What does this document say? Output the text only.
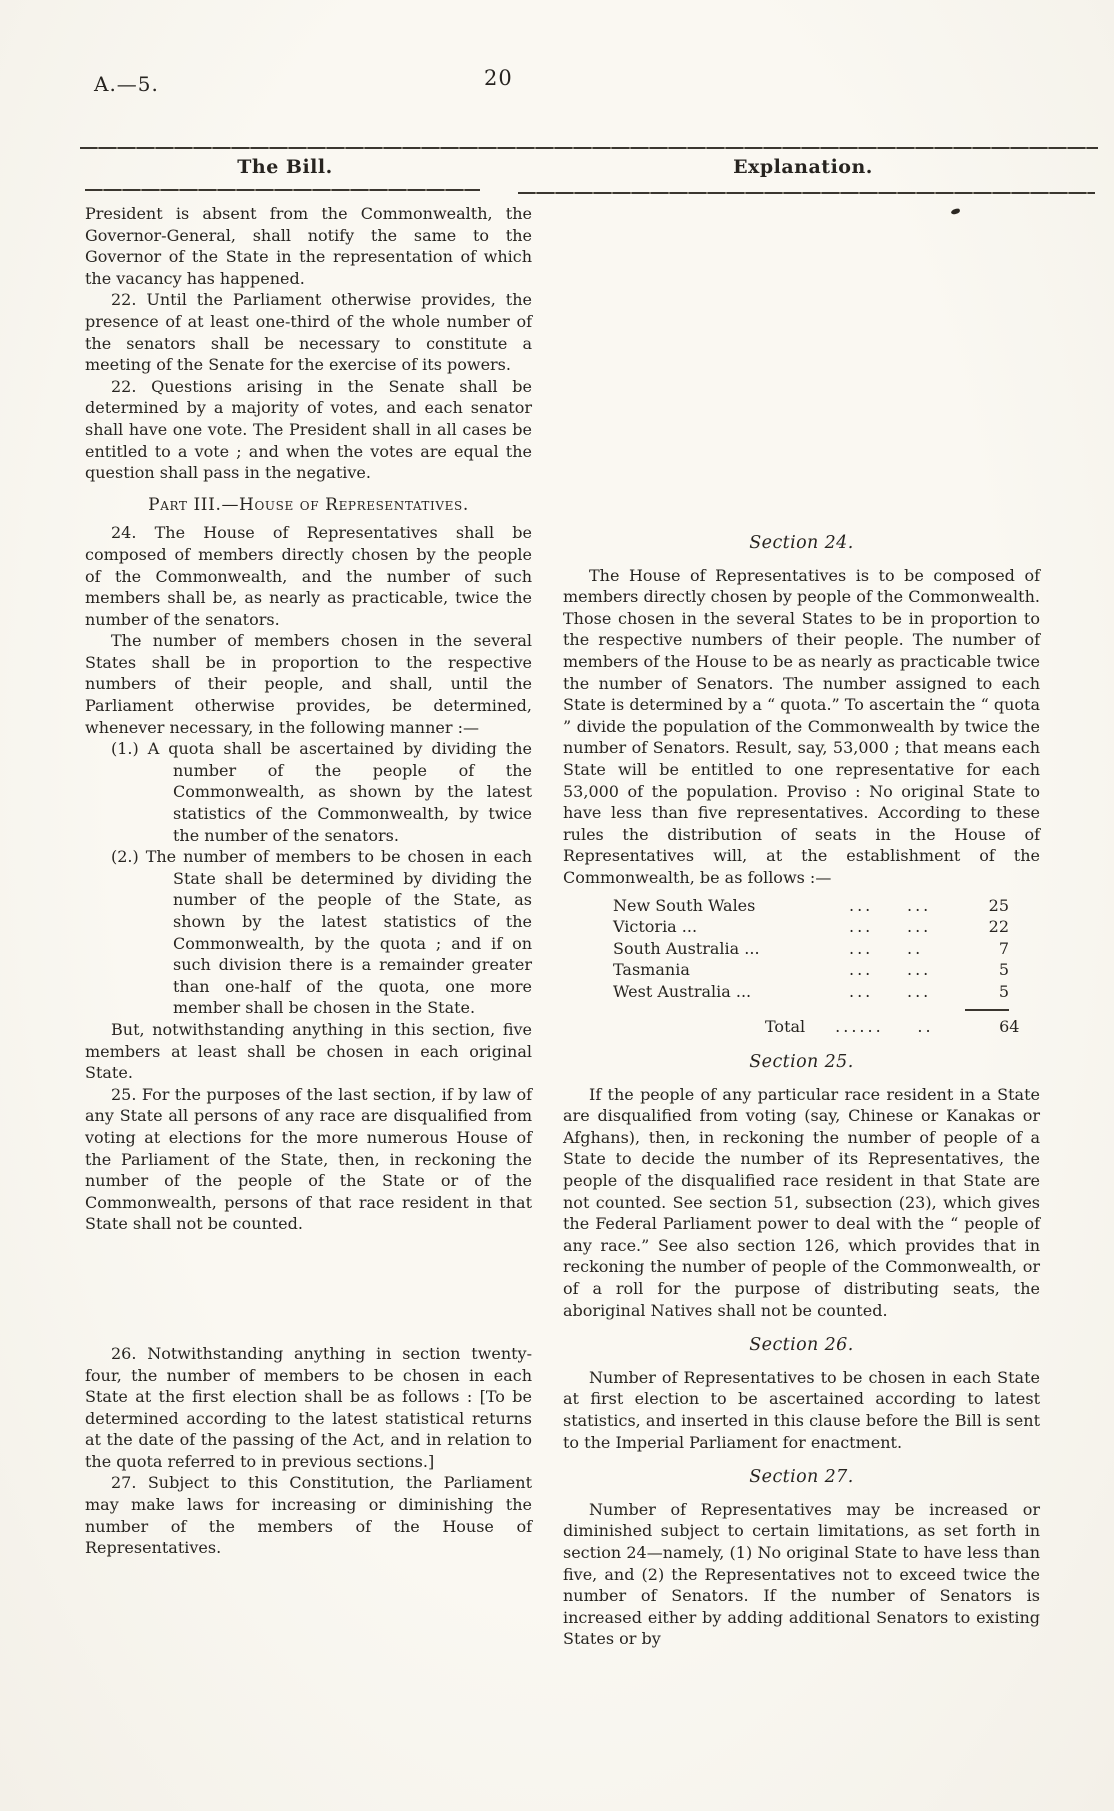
A.—5.	20
The Bill.	Explanation.

President is absent from the Commonwealth, the Governor-General, shall notify the same to the Governor of the State in the representation of which the vacancy has happened.

22. Until the Parliament otherwise provides, the presence of at least one-third of the whole number of the senators shall be necessary to constitute a meeting of the Senate for the exercise of its powers.

22. Questions arising in the Senate shall be determined by a majority of votes, and each senator shall have one vote. The President shall in all cases be entitled to a vote ; and when the votes are equal the question shall pass in the negative.

Part III.—House of Representatives.

24. The House of Representatives shall be composed of members directly chosen by the people of the Commonwealth, and the number of such members shall be, as nearly as practicable, twice the number of the senators.

The number of members chosen in the several States shall be in proportion to the respective numbers of their people, and shall, until the Parliament otherwise provides, be determined, whenever necessary, in the following manner :—

(1.) A quota shall be ascertained by dividing the number of the people of the Commonwealth, as shown by the latest statistics of the Commonwealth, by twice the number of the senators.

(2.) The number of members to be chosen in each State shall be determined by dividing the number of the people of the State, as shown by the latest statistics of the Commonwealth, by the quota ; and if on such division there is a remainder greater than one-half of the quota, one more member shall be chosen in the State.

But, notwithstanding anything in this section, five members at least shall be chosen in each original State.

25. For the purposes of the last section, if by law of any State all persons of any race are disqualified from voting at elections for the more numerous House of the Parliament of the State, then, in reckoning the number of the people of the State or of the Commonwealth, persons of that race resident in that State shall not be counted.

26. Notwithstanding anything in section twenty-four, the number of members to be chosen in each State at the first election shall be as follows : [To be determined according to the latest statistical returns at the date of the passing of the Act, and in relation to the quota referred to in previous sections.]

27. Subject to this Constitution, the Parliament may make laws for increasing or diminishing the number of the members of the House of Representatives.

Section 24.

The House of Representatives is to be composed of members directly chosen by people of the Commonwealth. Those chosen in the several States to be in proportion to the respective numbers of their people. The number of members of the House to be as nearly as practicable twice the number of Senators. The number assigned to each State is determined by a “ quota.” To ascertain the “ quota ” divide the population of the Commonwealth by twice the number of Senators. Result, say, 53,000 ; that means each State will be entitled to one representative for each 53,000 of the population. Proviso : No original State to have less than five representatives. According to these rules the distribution of seats in the House of Representatives will, at the establishment of the Commonwealth, be as follows :—

New South Wales	...	...	25
Victoria ...	...	...	22
South Australia ...	...	..	7
Tasmania	...	...	5
West Australia ...	...	...	5
Total ... ...	..	64

Section 25.

If the people of any particular race resident in a State are disqualified from voting (say, Chinese or Kanakas or Afghans), then, in reckoning the number of people of a State to decide the number of its Representatives, the people of the disqualified race resident in that State are not counted. See section 51, subsection (23), which gives the Federal Parliament power to deal with the “ people of any race.” See also section 126, which provides that in reckoning the number of people of the Commonwealth, or of a roll for the purpose of distributing seats, the aboriginal Natives shall not be counted.

Section 26.

Number of Representatives to be chosen in each State at first election to be ascertained according to latest statistics, and inserted in this clause before the Bill is sent to the Imperial Parliament for enactment.

Section 27.

Number of Representatives may be increased or diminished subject to certain limitations, as set forth in section 24—namely, (1) No original State to have less than five, and (2) the Representatives not to exceed twice the number of Senators. If the number of Senators is increased either by adding additional Senators to existing States or by
